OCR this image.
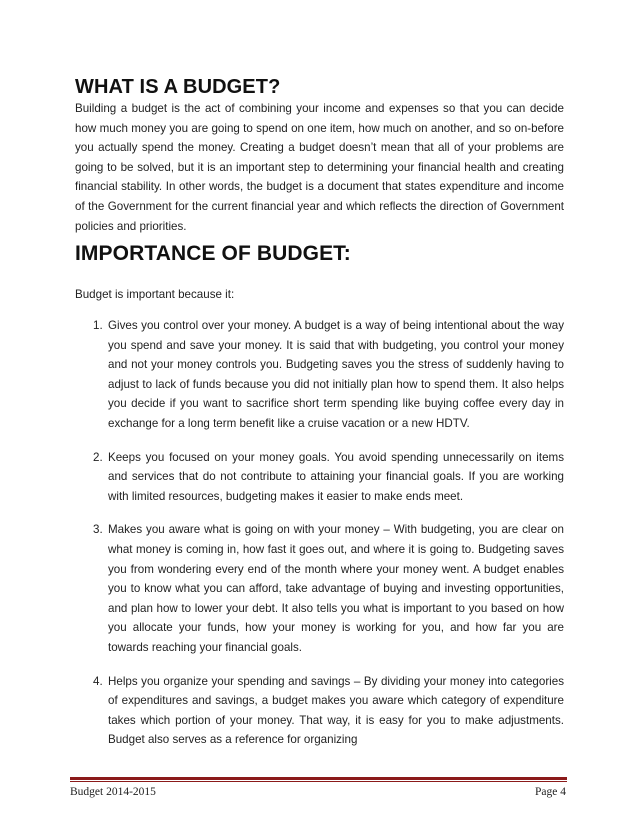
WHAT IS A BUDGET?

Building a budget is the act of combining your income and expenses so that you can decide how much money you are going to spend on one item, how much on another, and so on-before you actually spend the money. Creating a budget doesn’t mean that all of your problems are going to be solved, but it is an important step to determining your financial health and creating financial stability. In other words, the budget is a document that states expenditure and income of the Government for the current financial year and which reflects the direction of Government policies and priorities.

IMPORTANCE OF BUDGET:

Budget is important because it:

1. Gives you control over your money. A budget is a way of being intentional about the way you spend and save your money. It is said that with budgeting, you control your money and not your money controls you. Budgeting saves you the stress of suddenly having to adjust to lack of funds because you did not initially plan how to spend them. It also helps you decide if you want to sacrifice short term spending like buying coffee every day in exchange for a long term benefit like a cruise vacation or a new HDTV.
2. Keeps you focused on your money goals. You avoid spending unnecessarily on items and services that do not contribute to attaining your financial goals. If you are working with limited resources, budgeting makes it easier to make ends meet.
3. Makes you aware what is going on with your money – With budgeting, you are clear on what money is coming in, how fast it goes out, and where it is going to. Budgeting saves you from wondering every end of the month where your money went. A budget enables you to know what you can afford, take advantage of buying and investing opportunities, and plan how to lower your debt. It also tells you what is important to you based on how you allocate your funds, how your money is working for you, and how far you are towards reaching your financial goals.
4. Helps you organize your spending and savings – By dividing your money into categories of expenditures and savings, a budget makes you aware which category of expenditure takes which portion of your money. That way, it is easy for you to make adjustments. Budget also serves as a reference for organizing
Budget 2014-2015	Page 4
